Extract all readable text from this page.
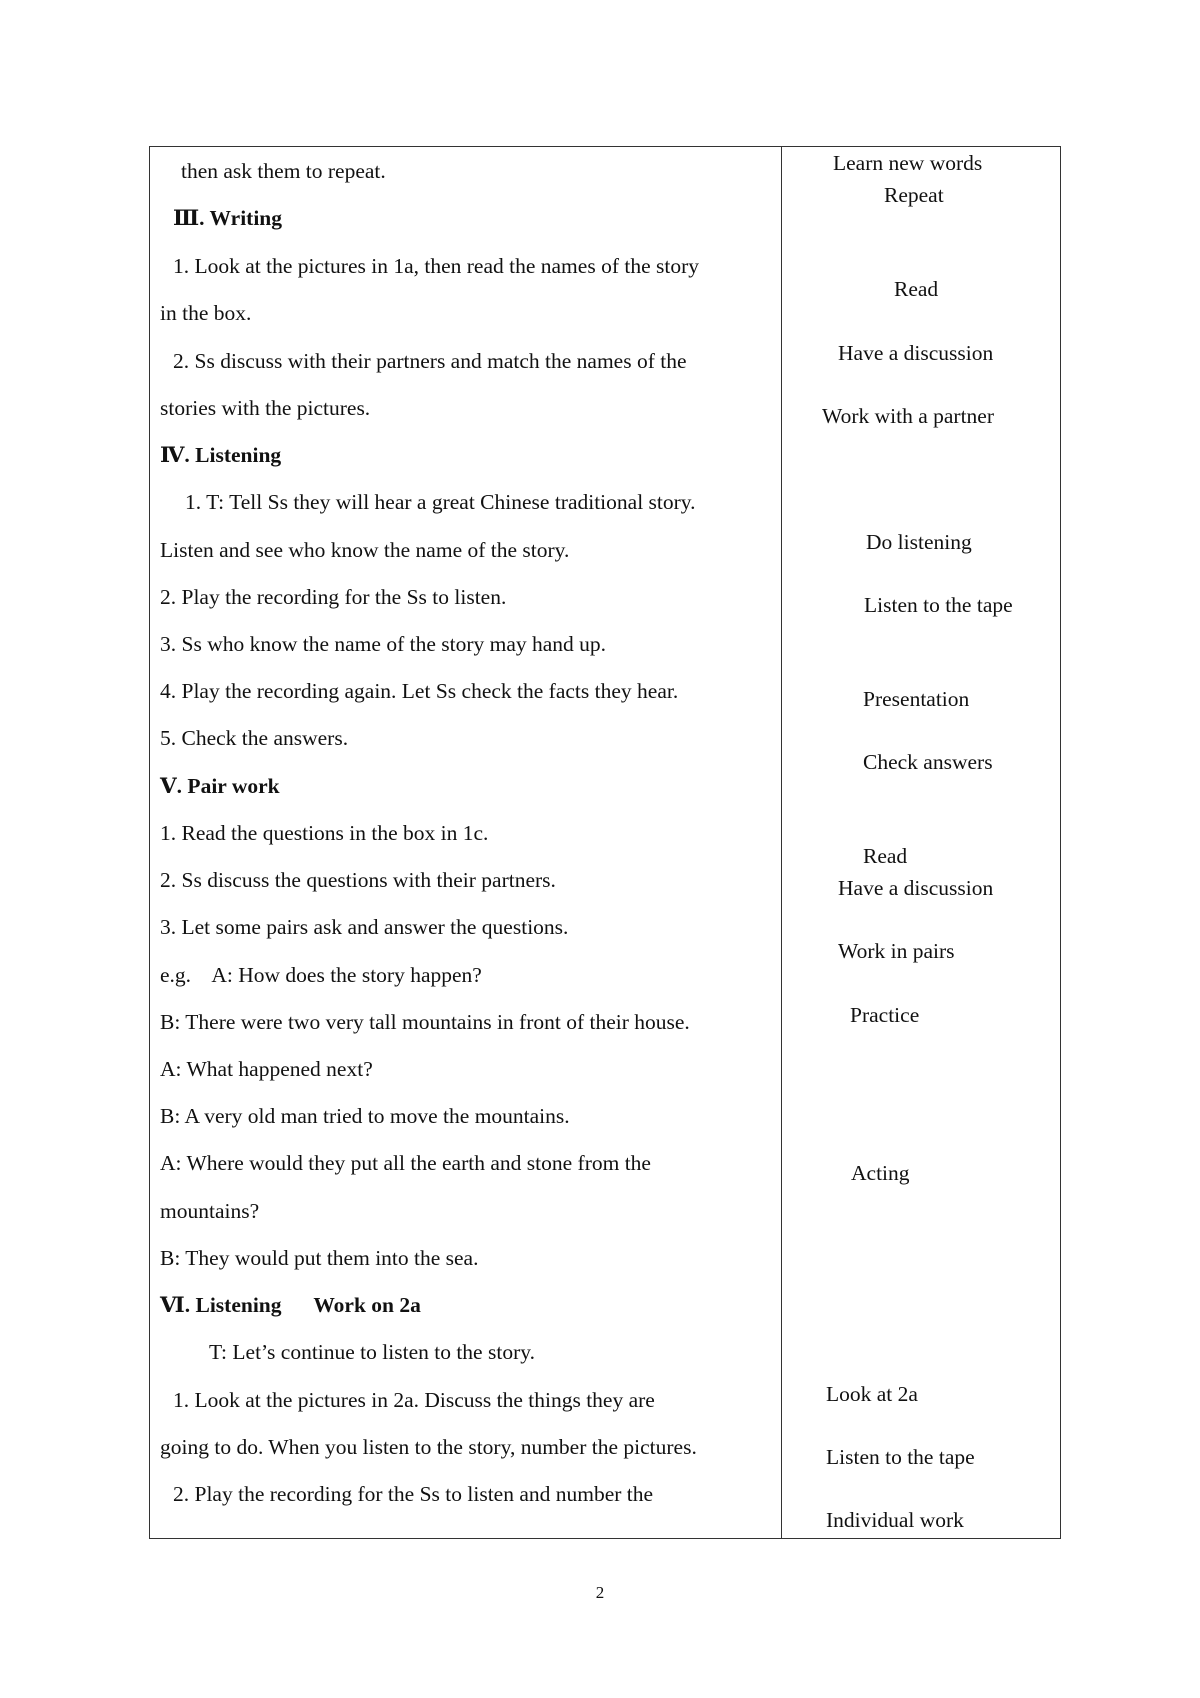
then ask them to repeat.
Ⅲ. Writing
1. Look at the pictures in 1a, then read the names of the story
in the box.
2. Ss discuss with their partners and match the names of the
stories with the pictures.
Ⅳ. Listening
1. T: Tell Ss they will hear a great Chinese traditional story.
Listen and see who know the name of the story.
2. Play the recording for the Ss to listen.
3. Ss who know the name of the story may hand up.
4. Play the recording again. Let Ss check the facts they hear.
5. Check the answers.
Ⅴ. Pair work
1. Read the questions in the box in 1c.
2. Ss discuss the questions with their partners.
3. Let some pairs ask and answer the questions.
e.g.    A: How does the story happen?
B: There were two very tall mountains in front of their house.
A: What happened next?
B: A very old man tried to move the mountains.
A: Where would they put all the earth and stone from the
mountains?
B: They would put them into the sea.
Ⅵ. Listening      Work on 2a
T: Let’s continue to listen to the story.
1. Look at the pictures in 2a. Discuss the things they are
going to do. When you listen to the story, number the pictures.
2. Play the recording for the Ss to listen and number the
Learn new words
Repeat
Read
Have a discussion
Work with a partner
Do listening
Listen to the tape
Presentation
Check answers
Read
Have a discussion
Work in pairs
Practice
Acting
Look at 2a
Listen to the tape
Individual work
2
